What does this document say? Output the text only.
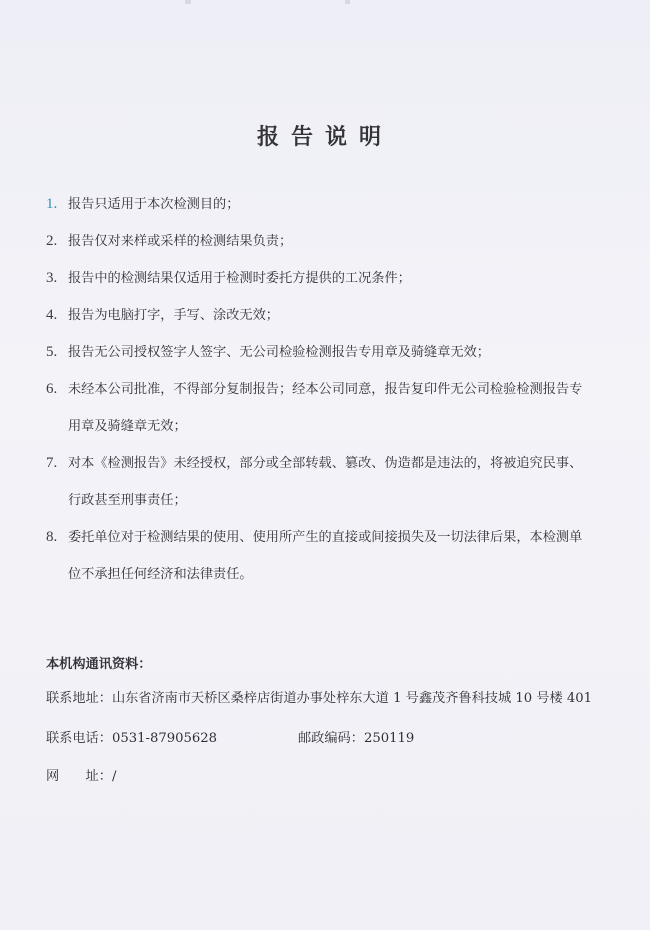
报告说明
1. 报告只适用于本次检测目的；
2. 报告仅对来样或采样的检测结果负责；
3. 报告中的检测结果仅适用于检测时委托方提供的工况条件；
4. 报告为电脑打字，手写、涂改无效；
5. 报告无公司授权签字人签字、无公司检验检测报告专用章及骑缝章无效；
6. 未经本公司批准，不得部分复制报告；经本公司同意，报告复印件无公司检验检测报告专
用章及骑缝章无效；
7. 对本《检测报告》未经授权，部分或全部转载、篡改、伪造都是违法的，将被追究民事、
行政甚至刑事责任；
8. 委托单位对于检测结果的使用、使用所产生的直接或间接损失及一切法律后果，本检测单
位不承担任何经济和法律责任。
本机构通讯资料：
联系地址：山东省济南市天桥区桑梓店街道办事处梓东大道 1 号鑫茂齐鲁科技城 10 号楼 401
联系电话：0531-87905628	邮政编码：250119
网　　址：/
